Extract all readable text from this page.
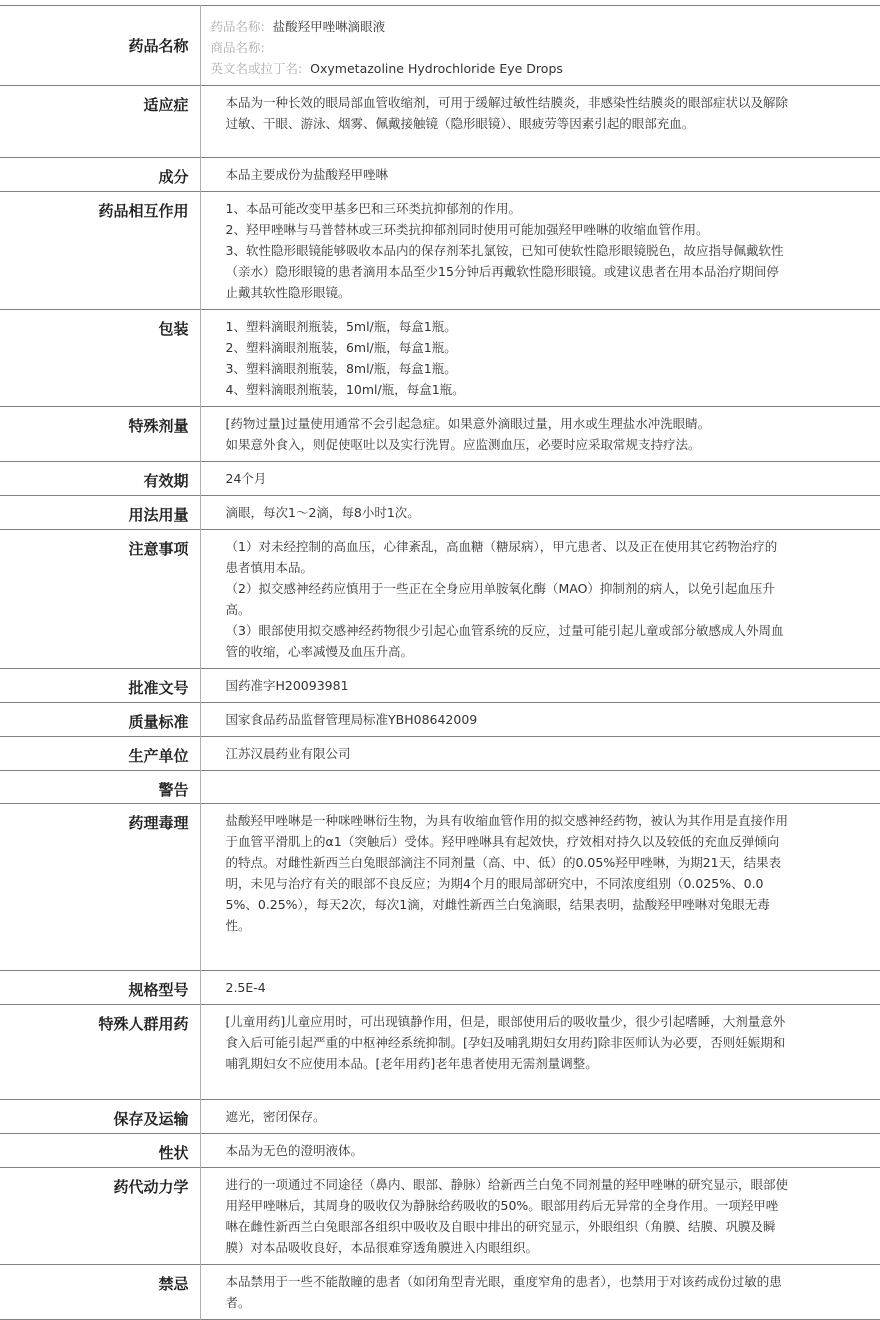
药品名称	药品名称: 盐酸羟甲唑啉滴眼液
商品名称:
英文名或拉丁名: Oxymetazoline Hydrochloride Eye Drops

适应症	本品为一种长效的眼局部血管收缩剂，可用于缓解过敏性结膜炎，非感染性结膜炎的眼部症状以及解除过敏、干眼、游泳、烟雾、佩戴接触镜（隐形眼镜）、眼疲劳等因素引起的眼部充血。

成分	本品主要成份为盐酸羟甲唑啉

药品相互作用	1、本品可能改变甲基多巴和三环类抗抑郁剂的作用。
2、羟甲唑啉与马普替林或三环类抗抑郁剂同时使用可能加强羟甲唑啉的收缩血管作用。
3、软性隐形眼镜能够吸收本品内的保存剂苯扎氯铵，已知可使软性隐形眼镜脱色，故应指导佩戴软性（亲水）隐形眼镜的患者滴用本品至少15分钟后再戴软性隐形眼镜。或建议患者在用本品治疗期间停止戴其软性隐形眼镜。

包装	1、塑料滴眼剂瓶装，5ml/瓶，每盒1瓶。
2、塑料滴眼剂瓶装，6ml/瓶，每盒1瓶。
3、塑料滴眼剂瓶装，8ml/瓶，每盒1瓶。
4、塑料滴眼剂瓶装，10ml/瓶，每盒1瓶。

特殊剂量	[药物过量]过量使用通常不会引起急症。如果意外滴眼过量，用水或生理盐水冲洗眼睛。
如果意外食入，则促使呕吐以及实行洗胃。应监测血压，必要时应采取常规支持疗法。

有效期	24个月

用法用量	滴眼，每次1～2滴，每8小时1次。

注意事项	（1）对未经控制的高血压，心律紊乱，高血糖（糖尿病），甲亢患者、以及正在使用其它药物治疗的患者慎用本品。
（2）拟交感神经药应慎用于一些正在全身应用单胺氧化酶（MAO）抑制剂的病人，以免引起血压升高。
（3）眼部使用拟交感神经药物很少引起心血管系统的反应，过量可能引起儿童或部分敏感成人外周血管的收缩，心率减慢及血压升高。

批准文号	国药准字H20093981

质量标准	国家食品药品监督管理局标准YBH08642009

生产单位	江苏汉晨药业有限公司

警告	

药理毒理	盐酸羟甲唑啉是一种咪唑啉衍生物，为具有收缩血管作用的拟交感神经药物，被认为其作用是直接作用于血管平滑肌上的α1（突触后）受体。羟甲唑啉具有起效快，疗效相对持久以及较低的充血反弹倾向的特点。对雌性新西兰白兔眼部滴注不同剂量（高、中、低）的0.05%羟甲唑啉，为期21天，结果表明，未见与治疗有关的眼部不良反应；为期4个月的眼局部研究中，不同浓度组别（0.025%、0.05%、0.25%），每天2次，每次1滴，对雌性新西兰白兔滴眼，结果表明，盐酸羟甲唑啉对兔眼无毒性。

规格型号	2.5E-4

特殊人群用药	[儿童用药]儿童应用时，可出现镇静作用，但是，眼部使用后的吸收量少，很少引起嗜睡，大剂量意外食入后可能引起严重的中枢神经系统抑制。[孕妇及哺乳期妇女用药]除非医师认为必要，否则妊娠期和哺乳期妇女不应使用本品。[老年用药]老年患者使用无需剂量调整。

保存及运输	遮光，密闭保存。

性状	本品为无色的澄明液体。

药代动力学	进行的一项通过不同途径（鼻内、眼部、静脉）给新西兰白兔不同剂量的羟甲唑啉的研究显示，眼部使用羟甲唑啉后，其周身的吸收仅为静脉给药吸收的50%。眼部用药后无异常的全身作用。一项羟甲唑啉在雌性新西兰白兔眼部各组织中吸收及自眼中排出的研究显示，外眼组织（角膜、结膜、巩膜及瞬膜）对本品吸收良好，本品很难穿透角膜进入内眼组织。

禁忌	本品禁用于一些不能散瞳的患者（如闭角型青光眼，重度窄角的患者），也禁用于对该药成份过敏的患者。
